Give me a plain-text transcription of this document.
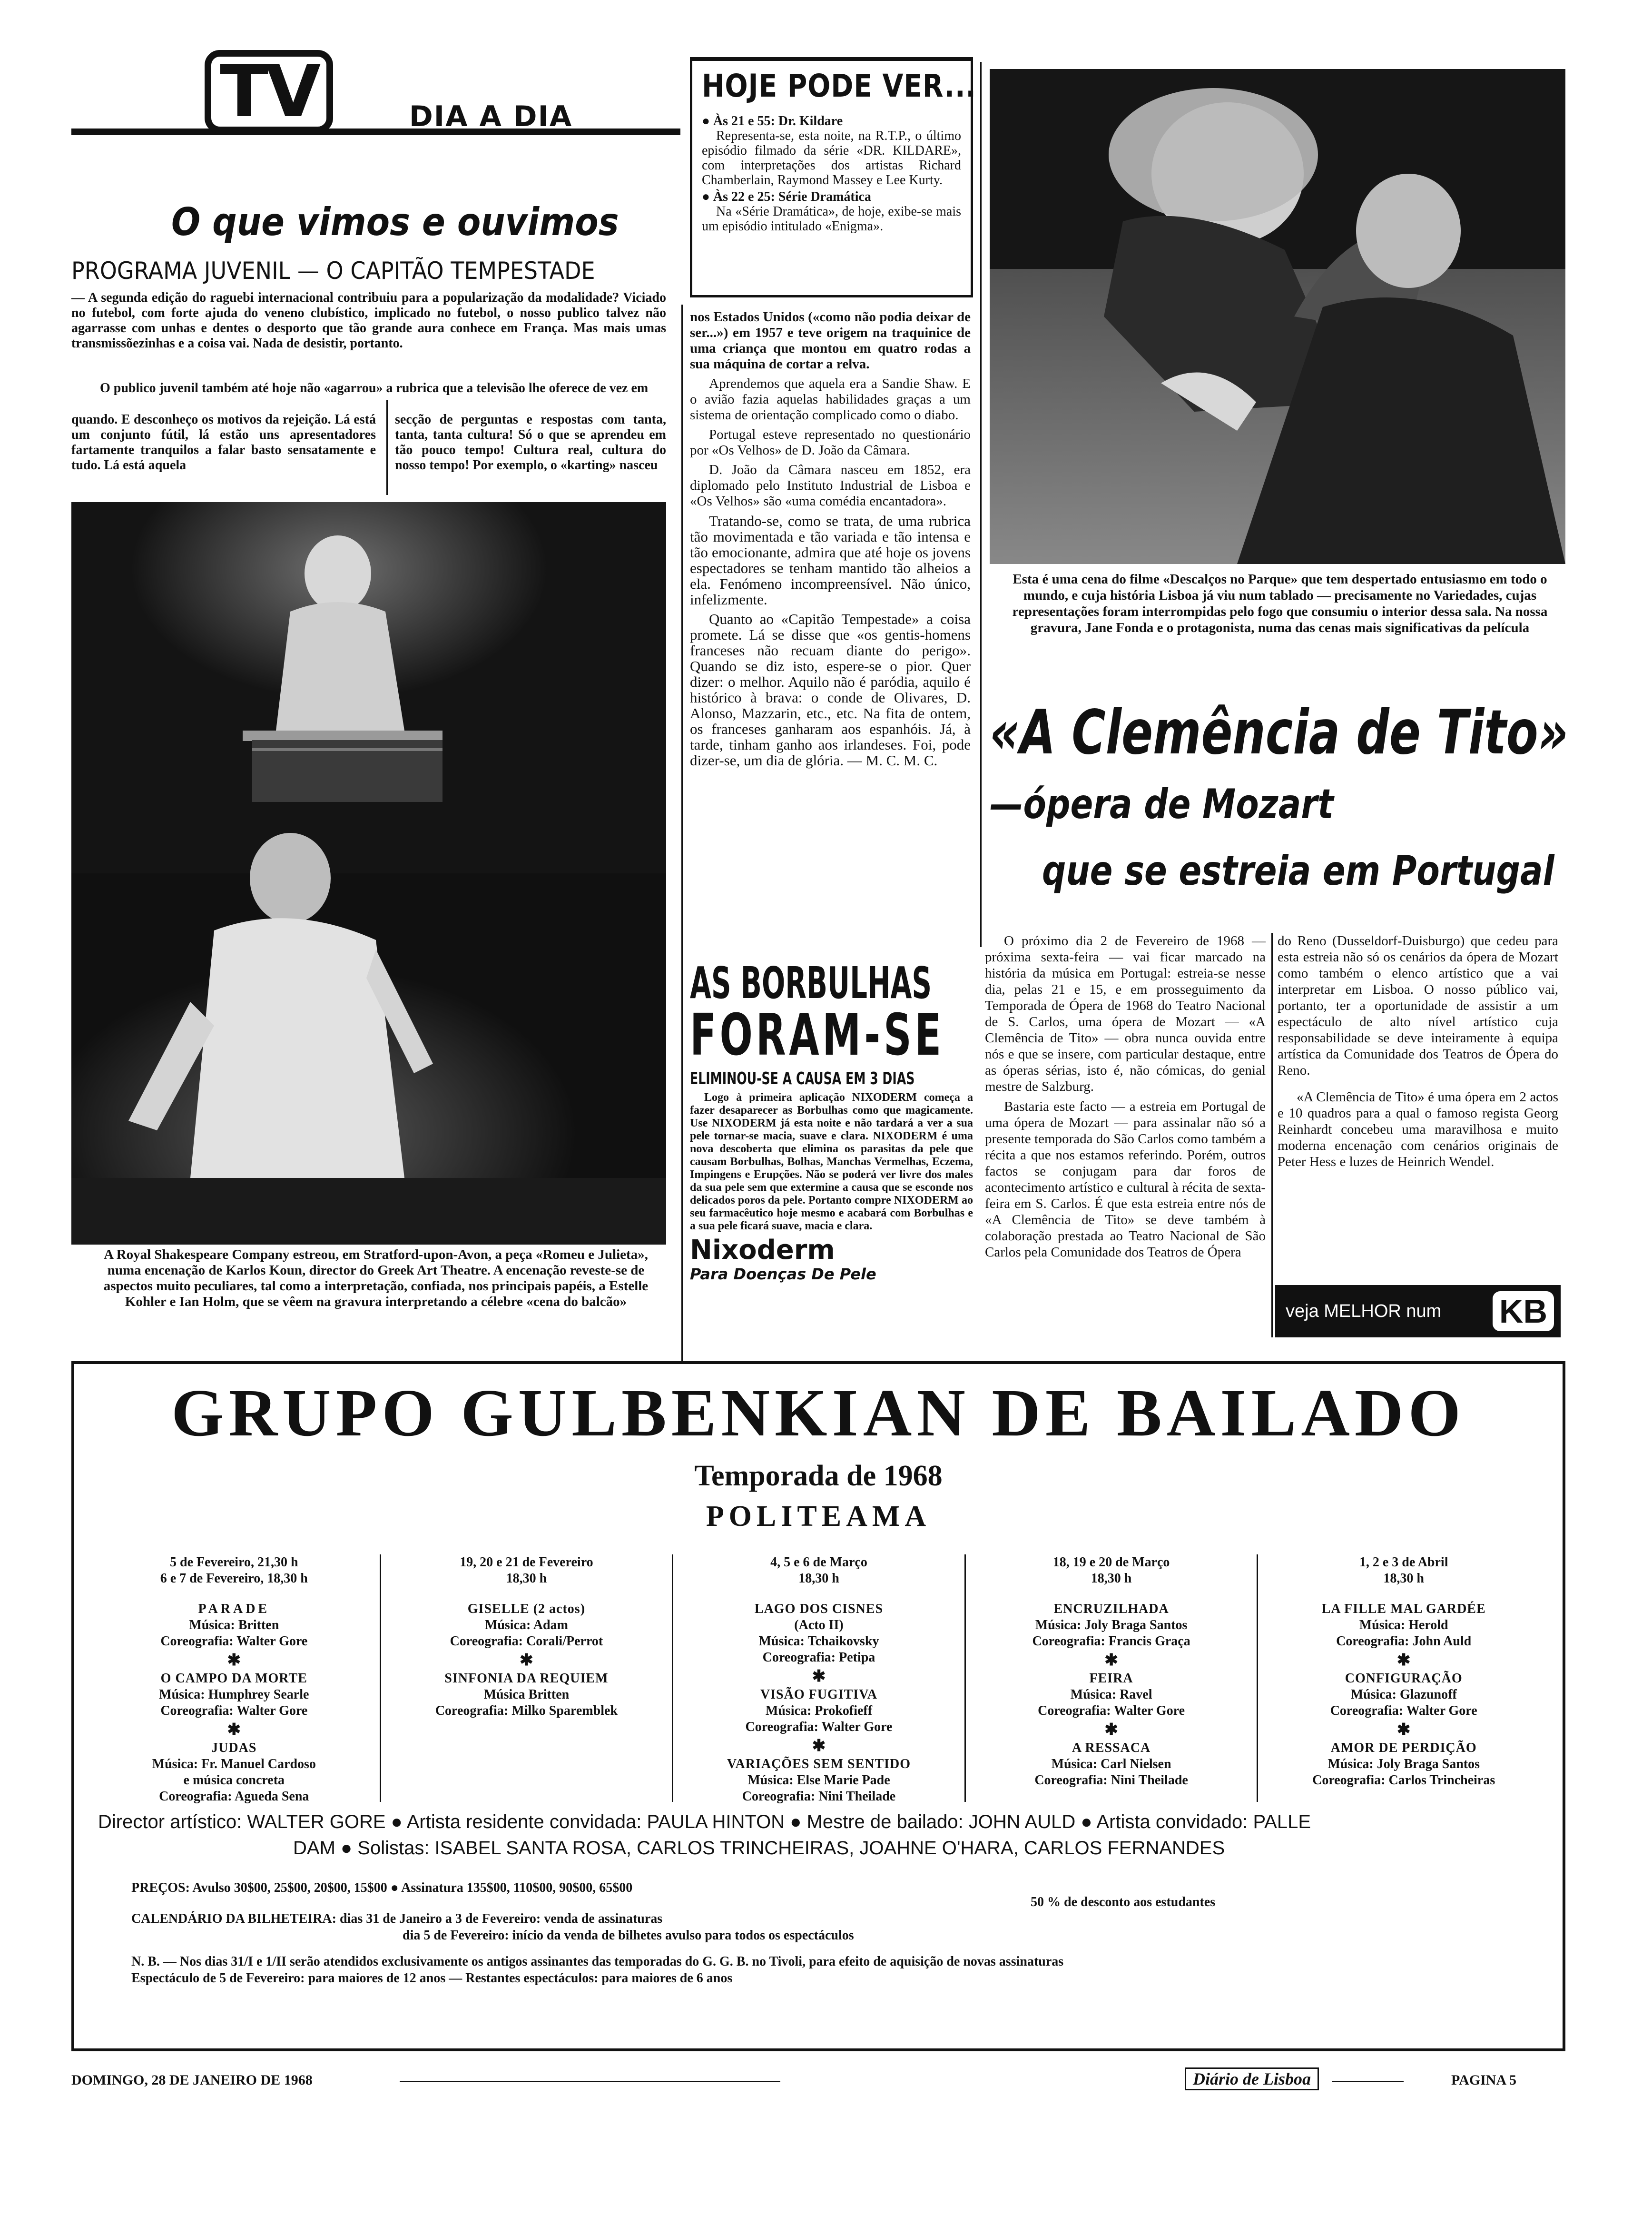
TV	DIA A DIA
O que vimos e ouvimos
PROGRAMA JUVENIL — O CAPITÃO TEMPESTADE
— A segunda edição do raguebi internacional contribuiu para a popularização da modalidade? Viciado no futebol, com forte ajuda do veneno clubístico, implicado no futebol, o nosso publico talvez não agarrasse com unhas e dentes o desporto que tão grande aura conhece em França. Mas mais umas transmissõezinhas e a coisa vai. Nada de desistir, portanto.
O publico juvenil também até hoje não «agarrou» a rubrica que a televisão lhe oferece de vez em
quando. E desconheço os motivos da rejeição. Lá está um conjunto fútil, lá estão uns apresentadores fartamente tranquilos a falar basto sensatamente e tudo. Lá está aquela
secção de perguntas e respostas com tanta, tanta, tanta cultura! Só o que se aprendeu em tão pouco tempo! Cultura real, cultura do nosso tempo! Por exemplo, o «karting» nasceu
A Royal Shakespeare Company estreou, em Stratford-upon-Avon, a peça «Romeu e Julieta», numa encenação de Karlos Koun, director do Greek Art Theatre. A encenação reveste-se de aspectos muito peculiares, tal como a interpretação, confiada, nos principais papéis, a Estelle Kohler e Ian Holm, que se vêem na gravura interpretando a célebre «cena do balcão»
HOJE PODE VER...
● Às 21 e 55: Dr. Kildare
Representa-se, esta noite, na R.T.P., o último episódio filmado da série «DR. KILDARE», com interpretações dos artistas Richard Chamberlain, Raymond Massey e Lee Kurty.
● Às 22 e 25: Série Dramática
Na «Série Dramática», de hoje, exibe-se mais um episódio intitulado «Enigma».

nos Estados Unidos («como não podia deixar de ser...») em 1957 e teve origem na traquinice de uma criança que montou em quatro rodas a sua máquina de cortar a relva.

Aprendemos que aquela era a Sandie Shaw. E o avião fazia aquelas habilidades graças a um sistema de orientação complicado como o diabo.

Portugal esteve representado no questionário por «Os Velhos» de D. João da Câmara.

D. João da Câmara nasceu em 1852, era diplomado pelo Instituto Industrial de Lisboa e «Os Velhos» são «uma comédia encantadora».

Tratando-se, como se trata, de uma rubrica tão movimentada e tão variada e tão intensa e tão emocionante, admira que até hoje os jovens espectadores se tenham mantido tão alheios a ela. Fenómeno incompreensível. Não único, infelizmente.

Quanto ao «Capitão Tempestade» a coisa promete. Lá se disse que «os gentis-homens franceses não recuam diante do perigo». Quando se diz isto, espere-se o pior. Quer dizer: o melhor. Aquilo não é paródia, aquilo é histórico à brava: o conde de Olivares, D. Alonso, Mazzarin, etc., etc. Na fita de ontem, os franceses ganharam aos espanhóis. Já, à tarde, tinham ganho aos irlandeses. Foi, pode dizer-se, um dia de glória. — M. C. M. C.

Esta é uma cena do filme «Descalços no Parque» que tem despertado entusiasmo em todo o mundo, e cuja história Lisboa já viu num tablado — precisamente no Variedades, cujas representações foram interrompidas pelo fogo que consumiu o interior dessa sala. Na nossa gravura, Jane Fonda e o protagonista, numa das cenas mais significativas da película
«A Clemência de Tito»
—ópera de Mozart
que se estreia em Portugal

O próximo dia 2 de Fevereiro de 1968 — próxima sexta-feira — vai ficar marcado na história da música em Portugal: estreia-se nesse dia, pelas 21 e 15, e em prosseguimento da Temporada de Ópera de 1968 do Teatro Nacional de S. Carlos, uma ópera de Mozart — «A Clemência de Tito» — obra nunca ouvida entre nós e que se insere, com particular destaque, entre as óperas sérias, isto é, não cómicas, do genial mestre de Salzburg.

Bastaria este facto — a estreia em Portugal de uma ópera de Mozart — para assinalar não só a presente temporada do São Carlos como também a récita a que nos estamos referindo. Porém, outros factos se conjugam para dar foros de acontecimento artístico e cultural à récita de sexta-feira em S. Carlos. É que esta estreia entre nós de «A Clemência de Tito» se deve também à colaboração prestada ao Teatro Nacional de São Carlos pela Comunidade dos Teatros de Ópera

do Reno (Dusseldorf-Duisburgo) que cedeu para esta estreia não só os cenários da ópera de Mozart como também o elenco artístico que a vai interpretar em Lisboa. O nosso público vai, portanto, ter a oportunidade de assistir a um espectáculo de alto nível artístico cuja responsabilidade se deve inteiramente à equipa artística da Comunidade dos Teatros de Ópera do Reno.

«A Clemência de Tito» é uma ópera em 2 actos e 10 quadros para a qual o famoso regista Georg Reinhardt concebeu uma maravilhosa e muito moderna encenação com cenários originais de Peter Hess e luzes de Heinrich Wendel.

veja MELHOR num KB
AS BORBULHAS
FORAM-SE
ELIMINOU-SE A CAUSA EM 3 DIAS
Logo à primeira aplicação NIXODERM começa a fazer desaparecer as Borbulhas como que magicamente. Use NIXODERM já esta noite e não tardará a ver a sua pele tornar-se macia, suave e clara. NIXODERM é uma nova descoberta que elimina os parasitas da pele que causam Borbulhas, Bolhas, Manchas Vermelhas, Eczema, Impingens e Erupções. Não se poderá ver livre dos males da sua pele sem que extermine a causa que se esconde nos delicados poros da pele. Portanto compre NIXODERM ao seu farmacêutico hoje mesmo e acabará com Borbulhas e a sua pele ficará suave, macia e clara.
Nixoderm
Para Doenças De Pele
GRUPO GULBENKIAN DE BAILADO
Temporada de 1968
POLITEAMA
5 de Fevereiro, 21,30 h
6 e 7 de Fevereiro, 18,30 h
PARADE
Música: Britten
Coreografia: Walter Gore
✱
O CAMPO DA MORTE
Música: Humphrey Searle
Coreografia: Walter Gore
✱
JUDAS
Música: Fr. Manuel Cardoso
e música concreta
Coreografia: Agueda Sena
19, 20 e 21 de Fevereiro
18,30 h
GISELLE (2 actos)
Música: Adam
Coreografia: Corali/Perrot
✱
SINFONIA DA REQUIEM
Música Britten
Coreografia: Milko Sparemblek
4, 5 e 6 de Março
18,30 h
LAGO DOS CISNES
(Acto II)
Música: Tchaikovsky
Coreografia: Petipa
✱
VISÃO FUGITIVA
Música: Prokofieff
Coreografia: Walter Gore
✱
VARIAÇÕES SEM SENTIDO
Música: Else Marie Pade
Coreografia: Nini Theilade
18, 19 e 20 de Março
18,30 h
ENCRUZILHADA
Música: Joly Braga Santos
Coreografia: Francis Graça
✱
FEIRA
Música: Ravel
Coreografia: Walter Gore
✱
A RESSACA
Música: Carl Nielsen
Coreografia: Nini Theilade
1, 2 e 3 de Abril
18,30 h
LA FILLE MAL GARDÉE
Música: Herold
Coreografia: John Auld
✱
CONFIGURAÇÃO
Música: Glazunoff
Coreografia: Walter Gore
✱
AMOR DE PERDIÇÃO
Música: Joly Braga Santos
Coreografia: Carlos Trincheiras
Director artístico: WALTER GORE ● Artista residente convidada: PAULA HINTON ● Mestre de bailado: JOHN AULD ● Artista convidado: PALLE
DAM ● Solistas: ISABEL SANTA ROSA, CARLOS TRINCHEIRAS, JOAHNE O'HARA, CARLOS FERNANDES
PREÇOS: Avulso 30$00, 25$00, 20$00, 15$00 ● Assinatura 135$00, 110$00, 90$00, 65$00
50 % de desconto aos estudantes
CALENDÁRIO DA BILHETEIRA: dias 31 de Janeiro a 3 de Fevereiro: venda de assinaturas
dia 5 de Fevereiro: início da venda de bilhetes avulso para todos os espectáculos
N. B. — Nos dias 31/I e 1/II serão atendidos exclusivamente os antigos assinantes das temporadas do G. G. B. no Tivoli, para efeito de aquisição de novas assinaturas
Espectáculo de 5 de Fevereiro: para maiores de 12 anos — Restantes espectáculos: para maiores de 6 anos
DOMINGO, 28 DE JANEIRO DE 1968	Diário de Lisboa	PAGINA 5
